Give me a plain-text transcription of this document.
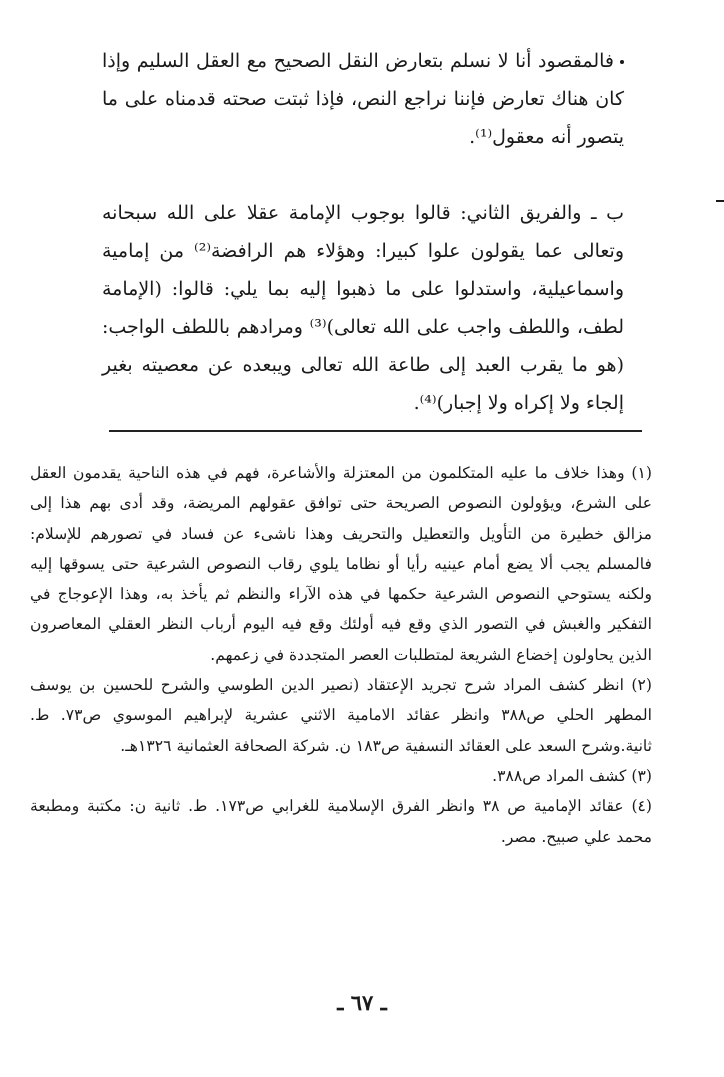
فالمقصود أنا لا نسلم بتعارض النقل الصحيح مع العقل السليم وإذا كان هناك تعارض فإننا نراجع النص، فإذا ثبتت صحته قدمناه على ما يتصور أنه معقول⁽¹⁾.

ب ـ والفريق الثاني: قالوا بوجوب الإمامة عقلا على الله سبحانه وتعالى عما يقولون علوا كبيرا: وهؤلاء هم الرافضة⁽²⁾ من إمامية واسماعيلية، واستدلوا على ما ذهبوا إليه بما يلي: قالوا: (الإمامة لطف، واللطف واجب على الله تعالى)⁽³⁾ ومرادهم باللطف الواجب: (هو ما يقرب العبد إلى طاعة الله تعالى ويبعده عن معصيته بغير إلجاء ولا إكراه ولا إجبار)⁽⁴⁾.

(١) وهذا خلاف ما عليه المتكلمون من المعتزلة والأشاعرة، فهم في هذه الناحية يقدمون العقل على الشرع، ويؤولون النصوص الصريحة حتى توافق عقولهم المريضة، وقد أدى بهم هذا إلى مزالق خطيرة من التأويل والتعطيل والتحريف وهذا ناشىء عن فساد في تصورهم للإسلام: فالمسلم يجب ألا يضع أمام عينيه رأيا أو نظاما يلوي رقاب النصوص الشرعية حتى يسوقها إليه ولكنه يستوحي النصوص الشرعية حكمها في هذه الآراء والنظم ثم يأخذ به، وهذا الإعوجاج في التفكير والغبش في التصور الذي وقع فيه أولئك وقع فيه اليوم أرباب النظر العقلي المعاصرون الذين يحاولون إخضاع الشريعة لمتطلبات العصر المتجددة في زعمهم.

(٢) انظر كشف المراد شرح تجريد الإعتقاد (نصير الدين الطوسي والشرح للحسين بن يوسف المطهر الحلي ص٣٨٨ وانظر عقائد الامامية الاثني عشرية لإبراهيم الموسوي ص٧٣. ط. ثانية.وشرح السعد على العقائد النسفية ص١٨٣ ن. شركة الصحافة العثمانية ١٣٢٦هـ.

(٣) كشف المراد ص٣٨٨.

(٤) عقائد الإمامية ص ٣٨ وانظر الفرق الإسلامية للغرابي ص١٧٣. ط. ثانية ن: مكتبة ومطبعة محمد علي صبيح. مصر.

ـ ٦٧ ـ
